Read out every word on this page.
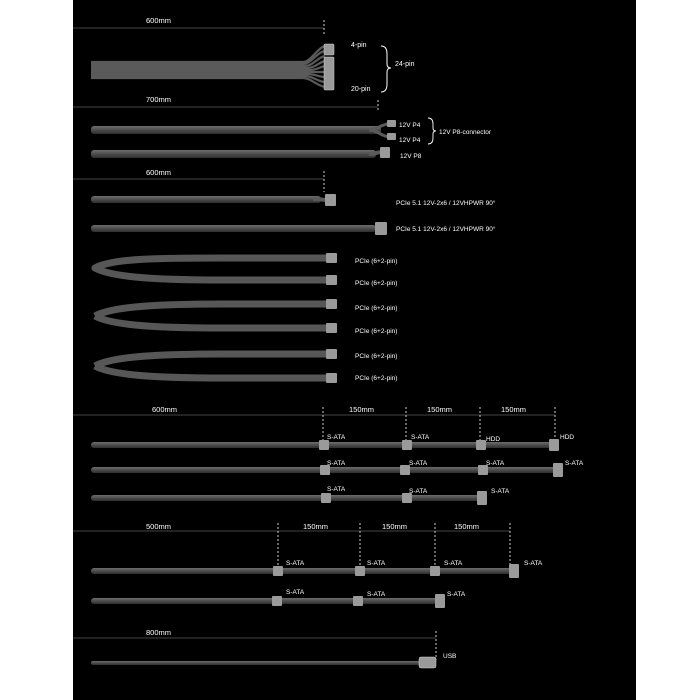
600mm
4-pin
20-pin
24-pin
700mm
12V P4
12V P4
12V P8-connector
12V P8
600mm
PCIe 5.1 12V-2x6 / 12VHPWR 90°
PCIe 5.1 12V-2x6 / 12VHPWR 90°
PCIe (6+2-pin)
PCIe (6+2-pin)
PCIe (6+2-pin)
PCIe (6+2-pin)
PCIe (6+2-pin)
PCIe (6+2-pin)
600mm	150mm	150mm	150mm
S-ATA	S-ATA	HDD	HDD
S-ATA	S-ATA	S-ATA	S-ATA
S-ATA	S-ATA	S-ATA
500mm	150mm	150mm	150mm
S-ATA	S-ATA	S-ATA	S-ATA
S-ATA	S-ATA	S-ATA
800mm
USB
